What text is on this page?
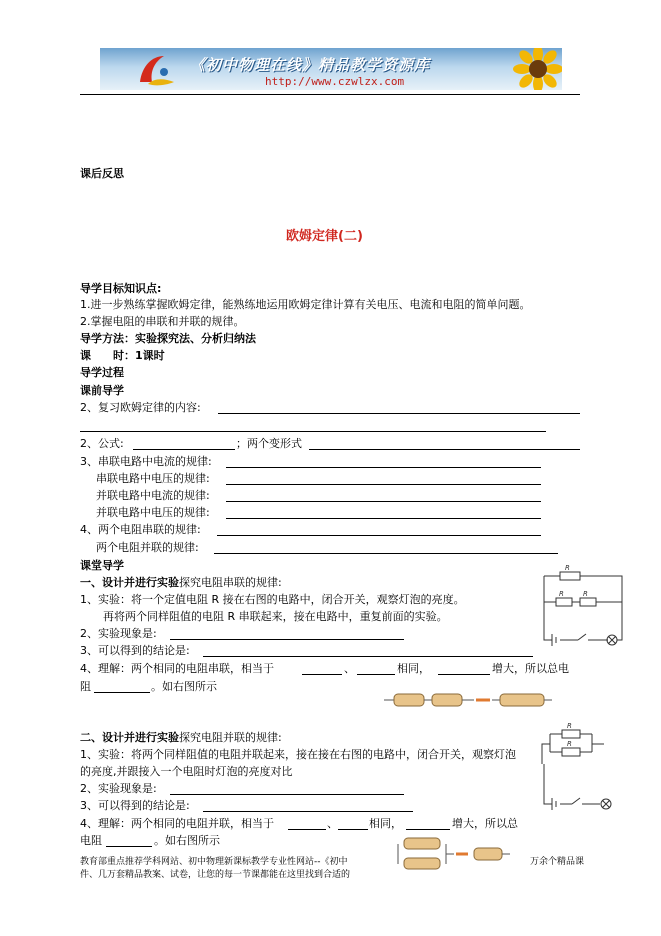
《初中物理在线》精品教学资源库
http://www.czwlzx.com
课后反思
欧姆定律(二)
导学目标知识点:
1.进一步熟练掌握欧姆定律，能熟练地运用欧姆定律计算有关电压、电流和电阻的简单问题。
2.掌握电阻的串联和并联的规律。
导学方法：实验探究法、分析归纳法
课　　时：1课时
导学过程
课前导学
2、复习欧姆定律的内容:
2、公式:	；两个变形式
3、串联电路中电流的规律:
串联电路中电压的规律:
并联电路中电流的规律:
并联电路中电压的规律:
4、两个电阻串联的规律:
两个电阻并联的规律:
课堂导学
一、设计并进行实验探究电阻串联的规律:
1、实验：将一个定值电阻 R 接在右图的电路中，闭合开关，观察灯泡的亮度。
再将两个同样阻值的电阻 R 串联起来，接在电路中，重复前面的实验。
2、实验现象是:
3、可以得到的结论是:
4、理解：两个相同的电阻串联，相当于	、	相同，	增大，所以总电
阻	。如右图所示
R
R	R
二、设计并进行实验探究电阻并联的规律:
1、实验：将两个同样阻值的电阻并联起来，接在接在右图的电路中，闭合开关，观察灯泡
的亮度,并跟接入一个电阻时灯泡的亮度对比
2、实验现象是:
3、可以得到的结论是:
4、理解：两个相同的电阻并联，相当于	、	相同，	增大，所以总
电阻	。如右图所示
R
R
教育部重点推荐学科网站、初中物理新课标教学专业性网站--《初中	万余个精品课
件、几万套精品教案、试卷，让您的每一节课都能在这里找到合适的
